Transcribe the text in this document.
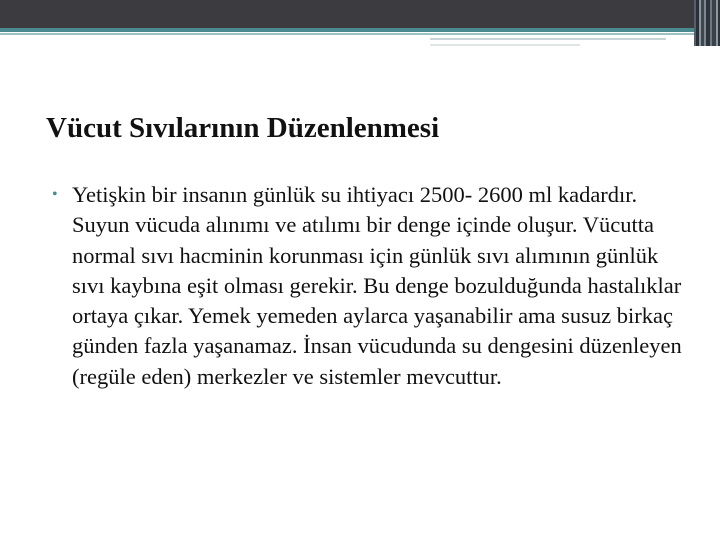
Vücut Sıvılarının Düzenlenmesi
• Yetişkin bir insanın günlük su ihtiyacı 2500- 2600 ml kadardır. Suyun vücuda alınımı ve atılımı bir denge içinde oluşur. Vücutta normal sıvı hacminin korunması için günlük sıvı alımının günlük sıvı kaybına eşit olması gerekir. Bu denge bozulduğunda hastalıklar ortaya çıkar. Yemek yemeden aylarca yaşanabilir ama susuz birkaç günden fazla yaşanamaz. İnsan vücudunda su dengesini düzenleyen (regüle eden) merkezler ve sistemler mevcuttur.
